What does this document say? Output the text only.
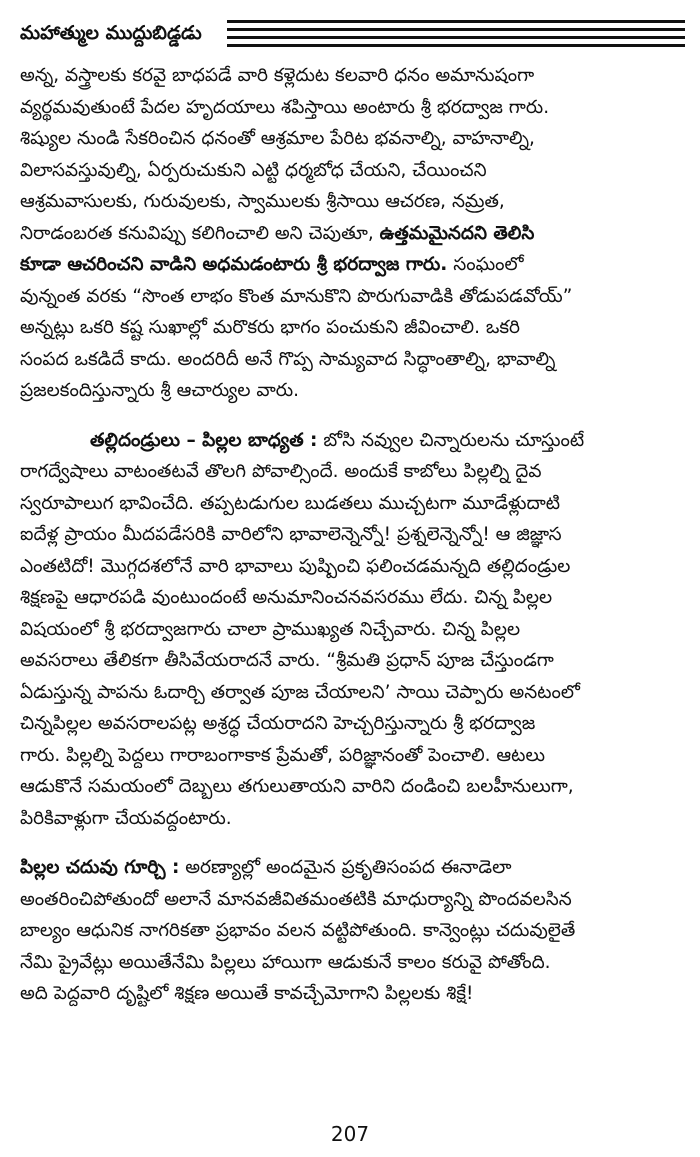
మహాత్ముల ముద్దుబిడ్డడు
అన్న, వస్త్రాలకు కరవై బాధపడే వారి కళ్లెదుట కలవారి ధనం అమానుషంగా
వ్యర్థమవుతుంటే పేదల హృదయాలు శపిస్తాయి అంటారు శ్రీ భరద్వాజ గారు.
శిష్యుల నుండి సేకరించిన ధనంతో ఆశ్రమాల పేరిట భవనాల్ని, వాహనాల్ని,
విలాసవస్తువుల్ని, ఏర్పరుచుకుని ఎట్టి ధర్మబోధ చేయని, చేయించని
ఆశ్రమవాసులకు, గురువులకు, స్వాములకు శ్రీసాయి ఆచరణ, నమ్రత,
నిరాడంబరత కనువిప్పు కలిగించాలి అని చెపుతూ, ఉత్తమమైనదని తెలిసి
కూడా ఆచరించని వాడిని అధమడంటారు శ్రీ భరద్వాజ గారు. సంఘంలో
వున్నంత వరకు “సొంత లాభం కొంత మానుకొని పొరుగువాడికి తోడుపడవోయ్”
అన్నట్లు ఒకరి కష్ట సుఖాల్లో మరొకరు భాగం పంచుకుని జీవించాలి. ఒకరి
సంపద ఒకడిదే కాదు. అందరిదీ అనే గొప్ప సామ్యవాద సిద్ధాంతాల్ని, భావాల్ని
ప్రజలకందిస్తున్నారు శ్రీ ఆచార్యుల వారు.
తల్లిదండ్రులు – పిల్లల బాధ్యత : బోసి నవ్వుల చిన్నారులను చూస్తుంటే
రాగద్వేషాలు వాటంతటవే తొలగి పోవాల్సిందే. అందుకే కాబోలు పిల్లల్ని దైవ
స్వరూపాలుగ భావించేది. తప్పటడుగుల బుడతలు ముచ్చటగా మూడేళ్లుదాటి
ఐదేళ్ల ప్రాయం మీదపడేసరికి వారిలోని భావాలెన్నెన్నో! ప్రశ్నలెన్నెన్నో! ఆ జిజ్ఞాస
ఎంతటిదో! మొగ్గదశలోనే వారి భావాలు పుష్పించి ఫలించడమన్నది తల్లిదండ్రుల
శిక్షణపై ఆధారపడి వుంటుందంటే అనుమానించనవసరము లేదు. చిన్న పిల్లల
విషయంలో శ్రీ భరద్వాజగారు చాలా ప్రాముఖ్యత నిచ్చేవారు. చిన్న పిల్లల
అవసరాలు తేలికగా తీసివేయరాదనే వారు. “శ్రీమతి ప్రధాన్ పూజ చేస్తుండగా
ఏడుస్తున్న పాపను ఓదార్చి తర్వాత పూజ చేయాలని’ సాయి చెప్పారు అనటంలో
చిన్నపిల్లల అవసరాలపట్ల అశ్రద్ధ చేయరాదని హెచ్చరిస్తున్నారు శ్రీ భరద్వాజ
గారు. పిల్లల్ని పెద్దలు గారాబంగాకాక ప్రేమతో, పరిజ్ఞానంతో పెంచాలి. ఆటలు
ఆడుకొనే సమయంలో దెబ్బలు తగులుతాయని వారిని దండించి బలహీనులుగా,
పిరికివాళ్లుగా చేయవద్దంటారు.
పిల్లల చదువు గూర్చి : అరణ్యాల్లో అందమైన ప్రకృతిసంపద ఈనాడెలా
అంతరించిపోతుందో అలానే మానవజీవితమంతటికి మాధుర్యాన్ని పొందవలసిన
బాల్యం ఆధునిక నాగరికతా ప్రభావం వలన వట్టిపోతుంది. కాన్వెంట్లు చదువులైతే
నేమి ప్రైవేట్లు అయితేనేమి పిల్లలు హాయిగా ఆడుకునే కాలం కరువై పోతోంది.
అది పెద్దవారి దృష్టిలో శిక్షణ అయితే కావచ్చేమోగాని పిల్లలకు శిక్షే!
207
